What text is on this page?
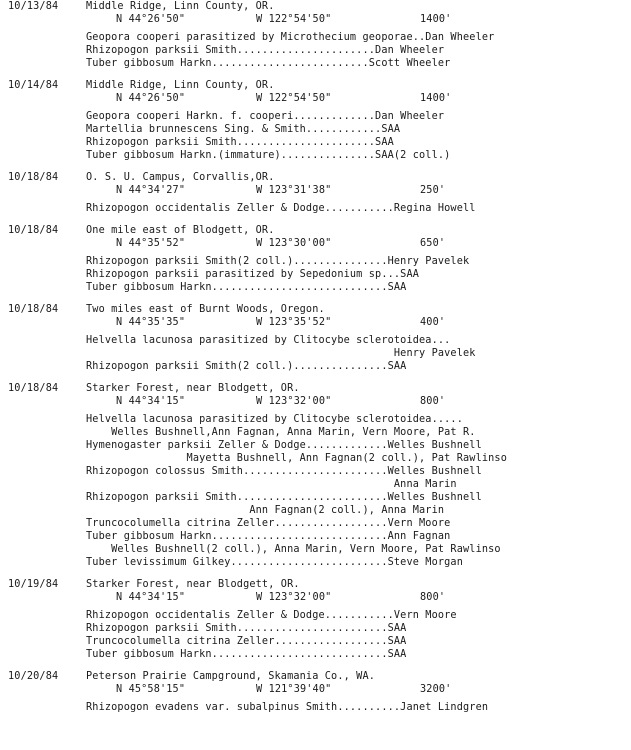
10/13/84	Middle Ridge, Linn County, OR.
N 44°26'50"	W 122°54'50"	1400'
Geopora cooperi parasitized by Microthecium geoporae..Dan Wheeler
Rhizopogon parksii Smith......................Dan Wheeler
Tuber gibbosum Harkn.........................Scott Wheeler
10/14/84	Middle Ridge, Linn County, OR.
N 44°26'50"	W 122°54'50"	1400'
Geopora cooperi Harkn. f. cooperi.............Dan Wheeler
Martellia brunnescens Sing. & Smith............SAA
Rhizopogon parksii Smith......................SAA
Tuber gibbosum Harkn.(immature)...............SAA(2 coll.)
10/18/84	O. S. U. Campus, Corvallis,OR.
N 44°34'27"	W 123°31'38"	250'
Rhizopogon occidentalis Zeller & Dodge...........Regina Howell
10/18/84	One mile east of Blodgett, OR.
N 44°35'52"	W 123°30'00"	650'
Rhizopogon parksii Smith(2 coll.)...............Henry Pavelek
Rhizopogon parksii parasitized by Sepedonium sp...SAA
Tuber gibbosum Harkn............................SAA
10/18/84	Two miles east of Burnt Woods, Oregon.
N 44°35'35"	W 123°35'52"	400'
Helvella lacunosa parasitized by Clitocybe sclerotoidea...
Henry Pavelek
Rhizopogon parksii Smith(2 coll.)...............SAA
10/18/84	Starker Forest, near Blodgett, OR.
N 44°34'15"	W 123°32'00"	800'
Helvella lacunosa parasitized by Clitocybe sclerotoidea.....
Welles Bushnell,Ann Fagnan, Anna Marin, Vern Moore, Pat R.
Hymenogaster parksii Zeller & Dodge.............Welles Bushnell
Mayetta Bushnell, Ann Fagnan(2 coll.), Pat Rawlinso
Rhizopogon colossus Smith.......................Welles Bushnell
Anna Marin
Rhizopogon parksii Smith........................Welles Bushnell
Ann Fagnan(2 coll.), Anna Marin
Truncocolumella citrina Zeller..................Vern Moore
Tuber gibbosum Harkn............................Ann Fagnan
Welles Bushnell(2 coll.), Anna Marin, Vern Moore, Pat Rawlinso
Tuber levissimum Gilkey.........................Steve Morgan
10/19/84	Starker Forest, near Blodgett, OR.
N 44°34'15"	W 123°32'00"	800'
Rhizopogon occidentalis Zeller & Dodge...........Vern Moore
Rhizopogon parksii Smith........................SAA
Truncocolumella citrina Zeller..................SAA
Tuber gibbosum Harkn............................SAA
10/20/84	Peterson Prairie Campground, Skamania Co., WA.
N 45°58'15"	W 121°39'40"	3200'
Rhizopogon evadens var. subalpinus Smith..........Janet Lindgren
